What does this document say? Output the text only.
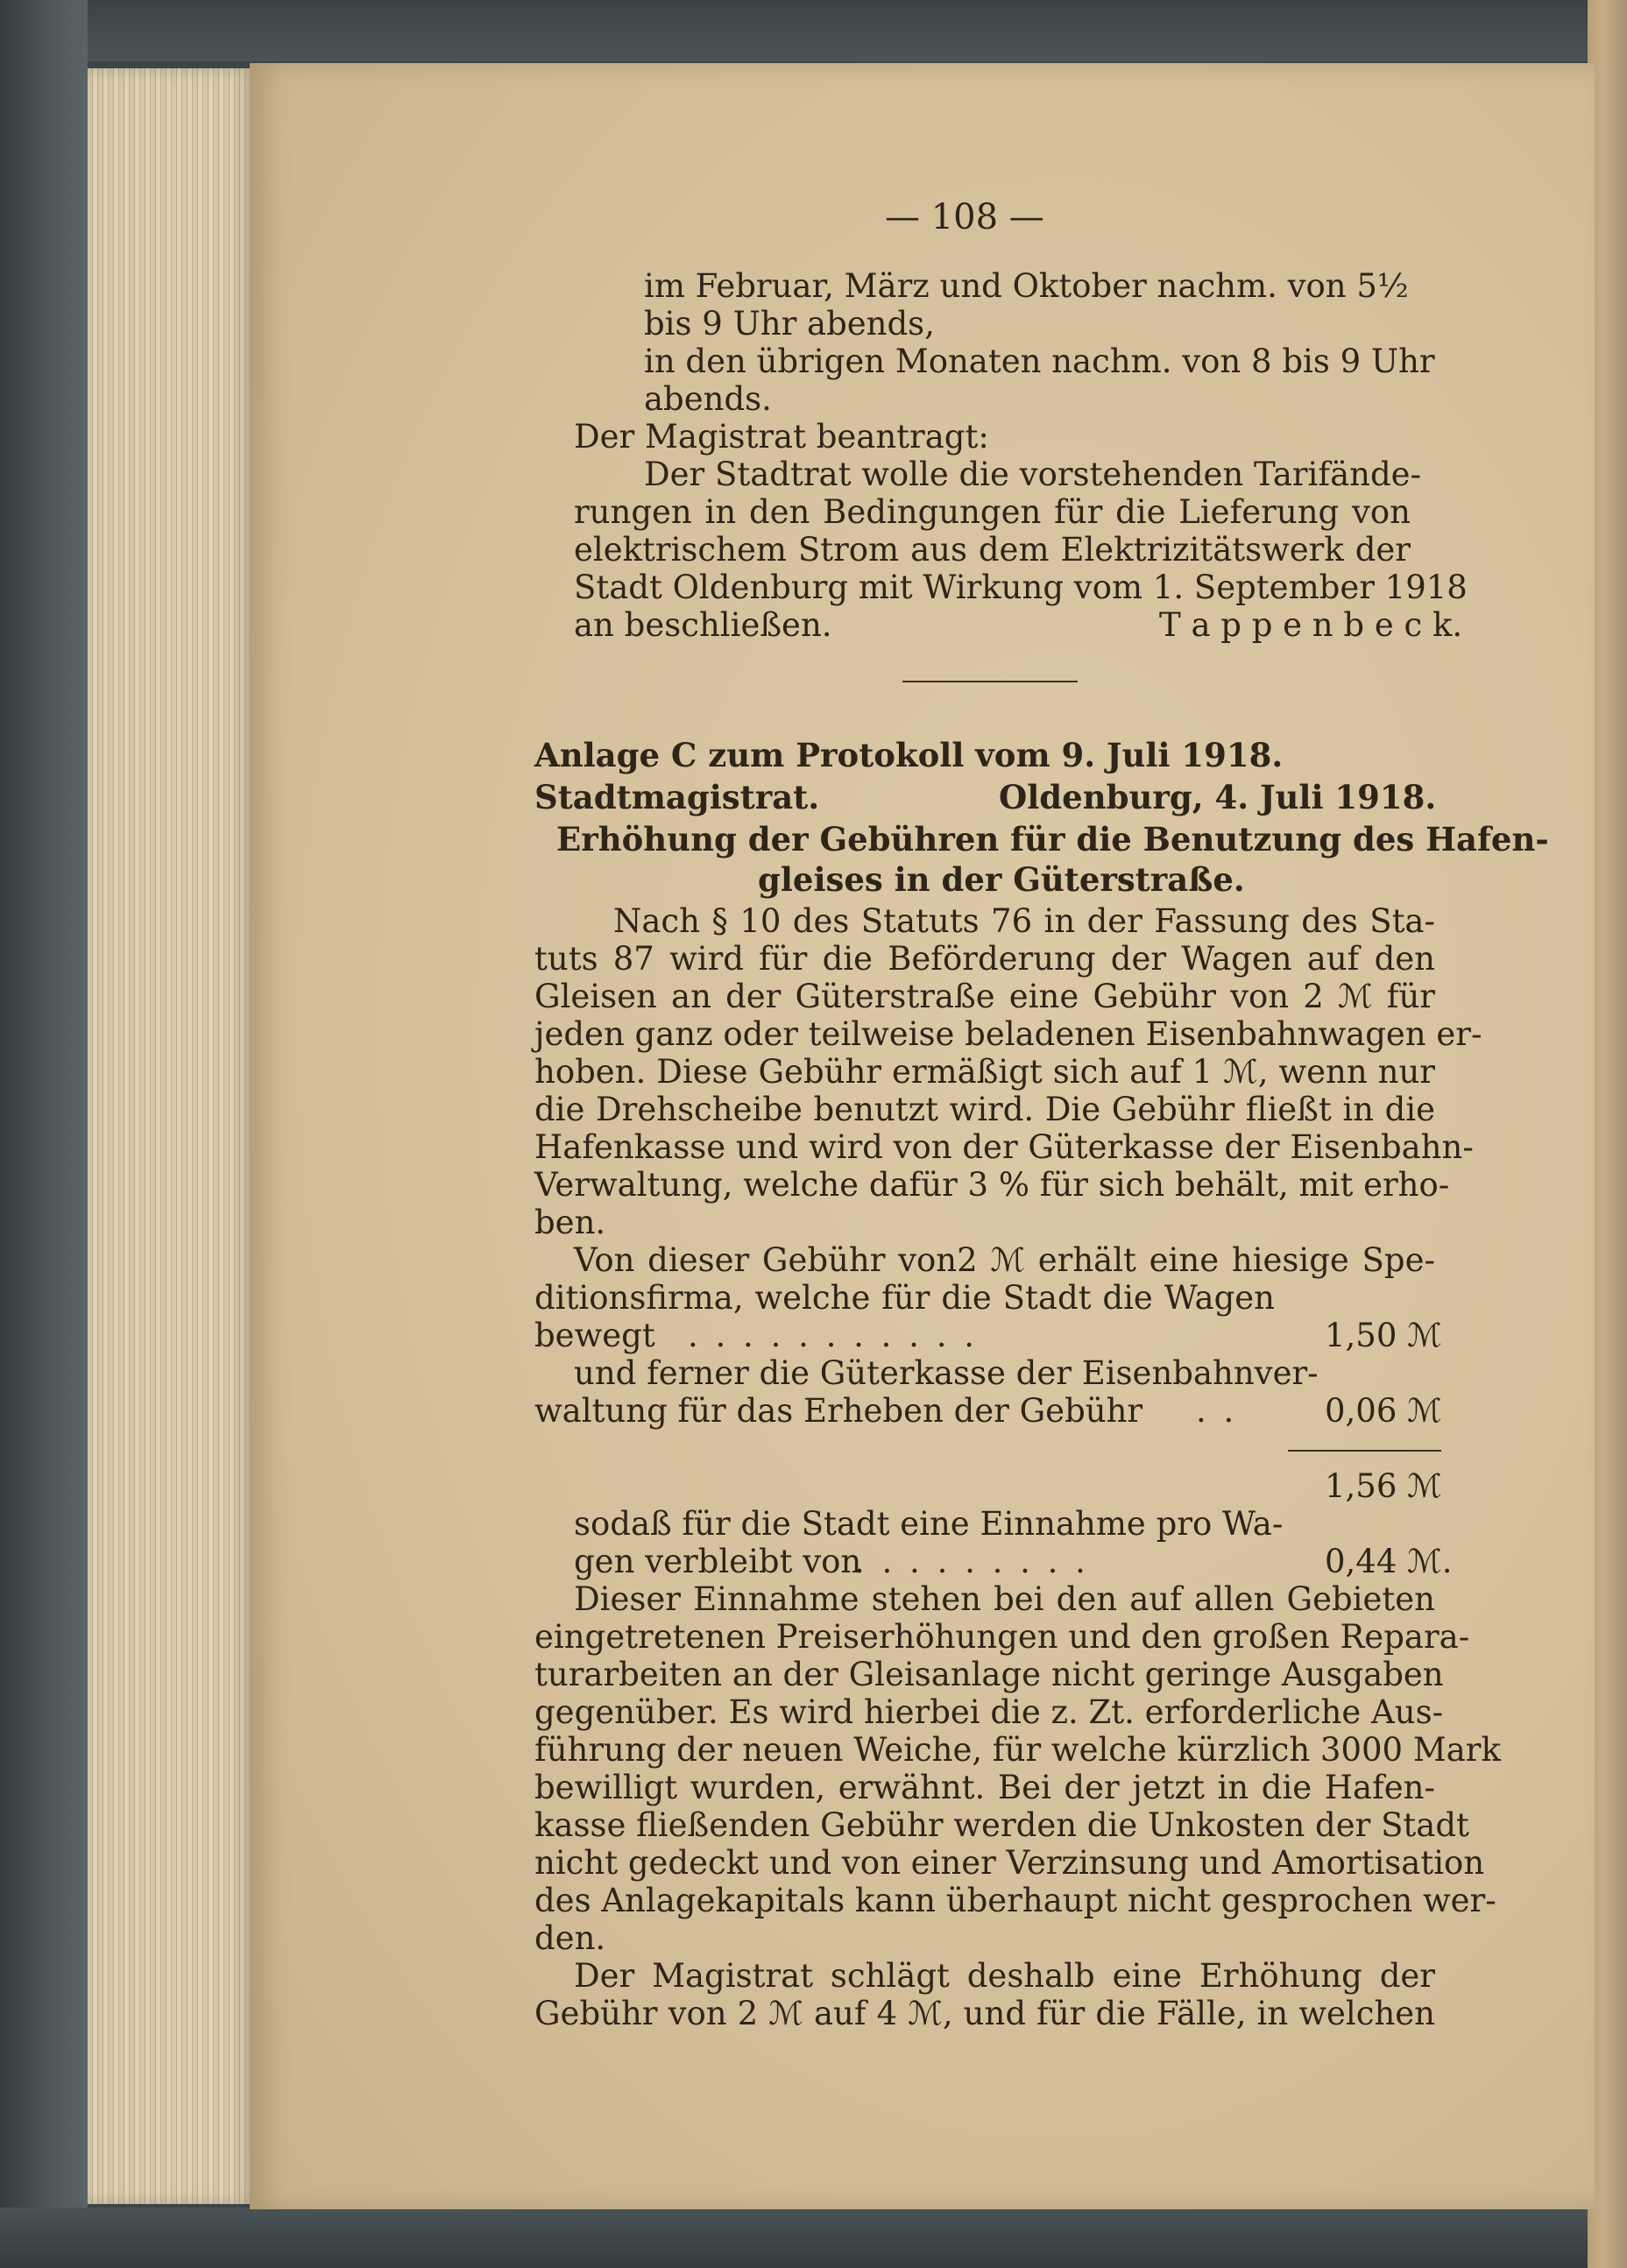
— 108 —
im Februar, März und Oktober nachm. von 5½
bis 9 Uhr abends,
in den übrigen Monaten nachm. von 8 bis 9 Uhr
abends.
Der Magistrat beantragt:
Der Stadtrat wolle die vorstehenden Tarifände-
rungen in den Bedingungen für die Lieferung von
elektrischem Strom aus dem Elektrizitätswerk der
Stadt Oldenburg mit Wirkung vom 1. September 1918
an beschließen.	T a p p e n b e c k.
Anlage C zum Protokoll vom 9. Juli 1918.
Stadtmagistrat.	Oldenburg, 4. Juli 1918.
Erhöhung der Gebühren für die Benutzung des Hafen-
gleises in der Güterstraße.
Nach § 10 des Statuts 76 in der Fassung des Sta-
tuts 87 wird für die Beförderung der Wagen auf den
Gleisen an der Güterstraße eine Gebühr von 2 ℳ für
jeden ganz oder teilweise beladenen Eisenbahnwagen er-
hoben. Diese Gebühr ermäßigt sich auf 1 ℳ, wenn nur
die Drehscheibe benutzt wird. Die Gebühr fließt in die
Hafenkasse und wird von der Güterkasse der Eisenbahn-
Verwaltung, welche dafür 3 % für sich behält, mit erho-
ben.
Von dieser Gebühr von2 ℳ erhält eine hiesige Spe-
ditionsfirma, welche für die Stadt die Wagen
bewegt . . . . . . . . . . .	1,50 ℳ
und ferner die Güterkasse der Eisenbahnver-
waltung für das Erheben der Gebühr . .	0,06 ℳ
1,56 ℳ
sodaß für die Stadt eine Einnahme pro Wa-
gen verbleibt von
. . . . . . . . .	0,44 ℳ.
Dieser Einnahme stehen bei den auf allen Gebieten
eingetretenen Preiserhöhungen und den großen Repara-
turarbeiten an der Gleisanlage nicht geringe Ausgaben
gegenüber. Es wird hierbei die z. Zt. erforderliche Aus-
führung der neuen Weiche, für welche kürzlich 3000 Mark
bewilligt wurden, erwähnt. Bei der jetzt in die Hafen-
kasse fließenden Gebühr werden die Unkosten der Stadt
nicht gedeckt und von einer Verzinsung und Amortisation
des Anlagekapitals kann überhaupt nicht gesprochen wer-
den.
Der Magistrat schlägt deshalb eine Erhöhung der
Gebühr von 2 ℳ auf 4 ℳ, und für die Fälle, in welchen
